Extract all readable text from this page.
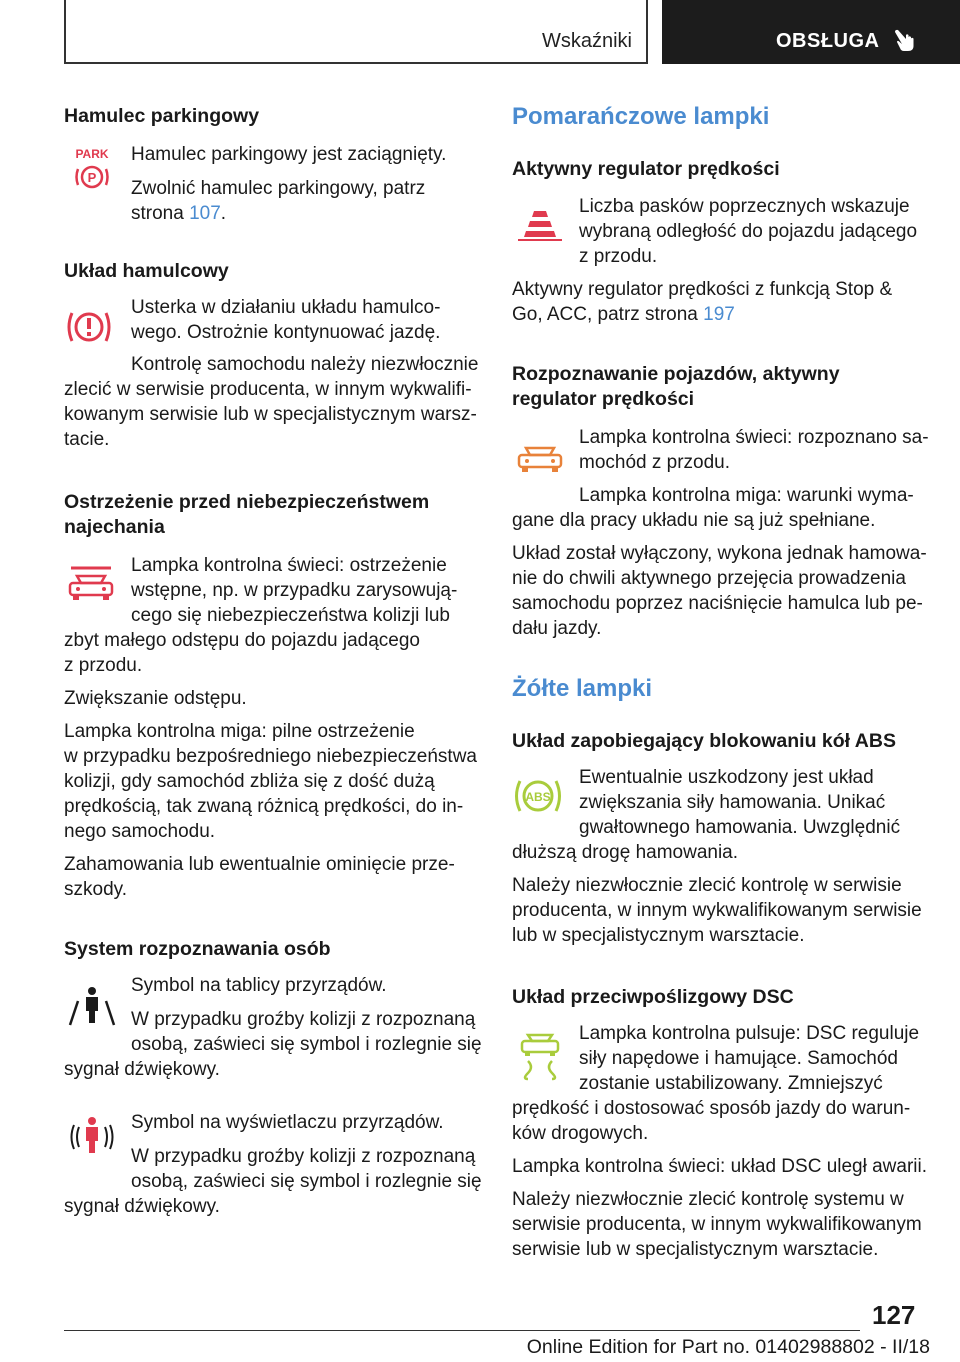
Wskaźniki	OBSŁUGA
Hamulec parkingowy
PARK
P
Hamulec parkingowy jest zaciągnięty.
Zwolnić hamulec parkingowy, patrz
strona 107.
Układ hamulcowy
Usterka w działaniu układu hamulco-
wego. Ostrożnie kontynuować jazdę.
Kontrolę samochodu należy niezwłocznie
zlecić w serwisie producenta, w innym wykwalifi-
kowanym serwisie lub w specjalistycznym warsz-
tacie.
Ostrzeżenie przed niebezpieczeństwem
najechania
Lampka kontrolna świeci: ostrzeżenie
wstępne, np. w przypadku zarysowują-
cego się niebezpieczeństwa kolizji lub
zbyt małego odstępu do pojazdu jadącego
z przodu.
Zwiększanie odstępu.
Lampka kontrolna miga: pilne ostrzeżenie
w przypadku bezpośredniego niebezpieczeństwa
kolizji, gdy samochód zbliża się z dość dużą
prędkością, tak zwaną różnicą prędkości, do in-
nego samochodu.
Zahamowania lub ewentualnie ominięcie prze-
szkody.
System rozpoznawania osób
Symbol na tablicy przyrządów.
W przypadku groźby kolizji z rozpoznaną
osobą, zaświeci się symbol i rozlegnie się
sygnał dźwiękowy.
Symbol na wyświetlaczu przyrządów.
W przypadku groźby kolizji z rozpoznaną
osobą, zaświeci się symbol i rozlegnie się
sygnał dźwiękowy.
Pomarańczowe lampki
Aktywny regulator prędkości
Liczba pasków poprzecznych wskazuje
wybraną odległość do pojazdu jadącego
z przodu.
Aktywny regulator prędkości z funkcją Stop &
Go, ACC, patrz strona 197
Rozpoznawanie pojazdów, aktywny
regulator prędkości
Lampka kontrolna świeci: rozpoznano sa-
mochód z przodu.
Lampka kontrolna miga: warunki wyma-
gane dla pracy układu nie są już spełniane.
Układ został wyłączony, wykona jednak hamowa-
nie do chwili aktywnego przejęcia prowadzenia
samochodu poprzez naciśnięcie hamulca lub pe-
dału jazdy.
Żółte lampki
Układ zapobiegający blokowaniu kół ABS
ABS
Ewentualnie uszkodzony jest układ
zwiększania siły hamowania. Unikać
gwałtownego hamowania. Uwzględnić
dłuższą drogę hamowania.
Należy niezwłocznie zlecić kontrolę w serwisie
producenta, w innym wykwalifikowanym serwisie
lub w specjalistycznym warsztacie.
Układ przeciwpoślizgowy DSC
Lampka kontrolna pulsuje: DSC reguluje
siły napędowe i hamujące. Samochód
zostanie ustabilizowany. Zmniejszyć
prędkość i dostosować sposób jazdy do warun-
ków drogowych.
Lampka kontrolna świeci: układ DSC uległ awarii.
Należy niezwłocznie zlecić kontrolę systemu w
serwisie producenta, w innym wykwalifikowanym
serwisie lub w specjalistycznym warsztacie.
127
Online Edition for Part no. 01402988802 - II/18
